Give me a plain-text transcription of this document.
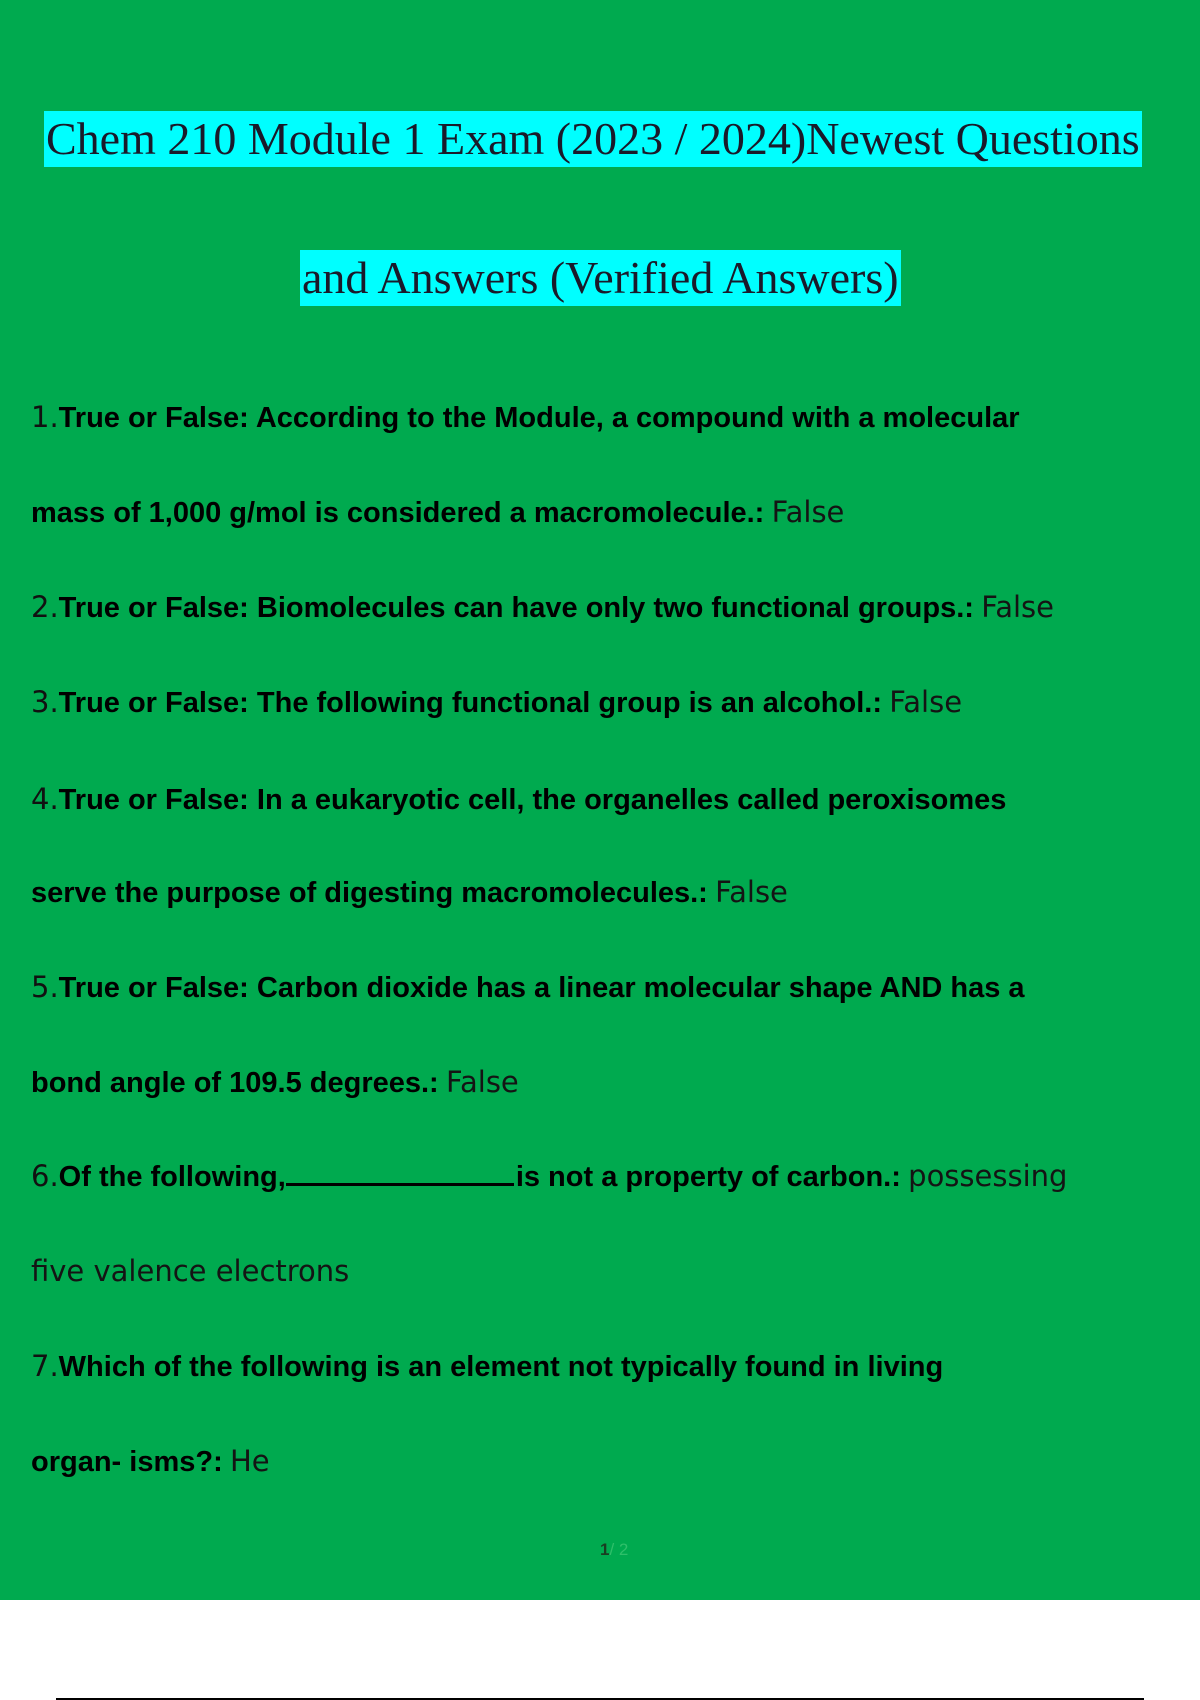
Chem 210 Module 1 Exam (2023 / 2024)Newest Questions
and Answers (Verified Answers)
1.True or False: According to the Module, a compound with a molecular
mass of 1,000 g/mol is considered a macromolecule.: False
2.True or False: Biomolecules can have only two functional groups.: False
3.True or False: The following functional group is an alcohol.: False
4.True or False: In a eukaryotic cell, the organelles called peroxisomes
serve the purpose of digesting macromolecules.: False
5.True or False: Carbon dioxide has a linear molecular shape AND has a
bond angle of 109.5 degrees.: False
6.Of the following,	is not a property of carbon.: possessing
five valence electrons
7.Which of the following is an element not typically found in living
organ- isms?: He
1/ 2
